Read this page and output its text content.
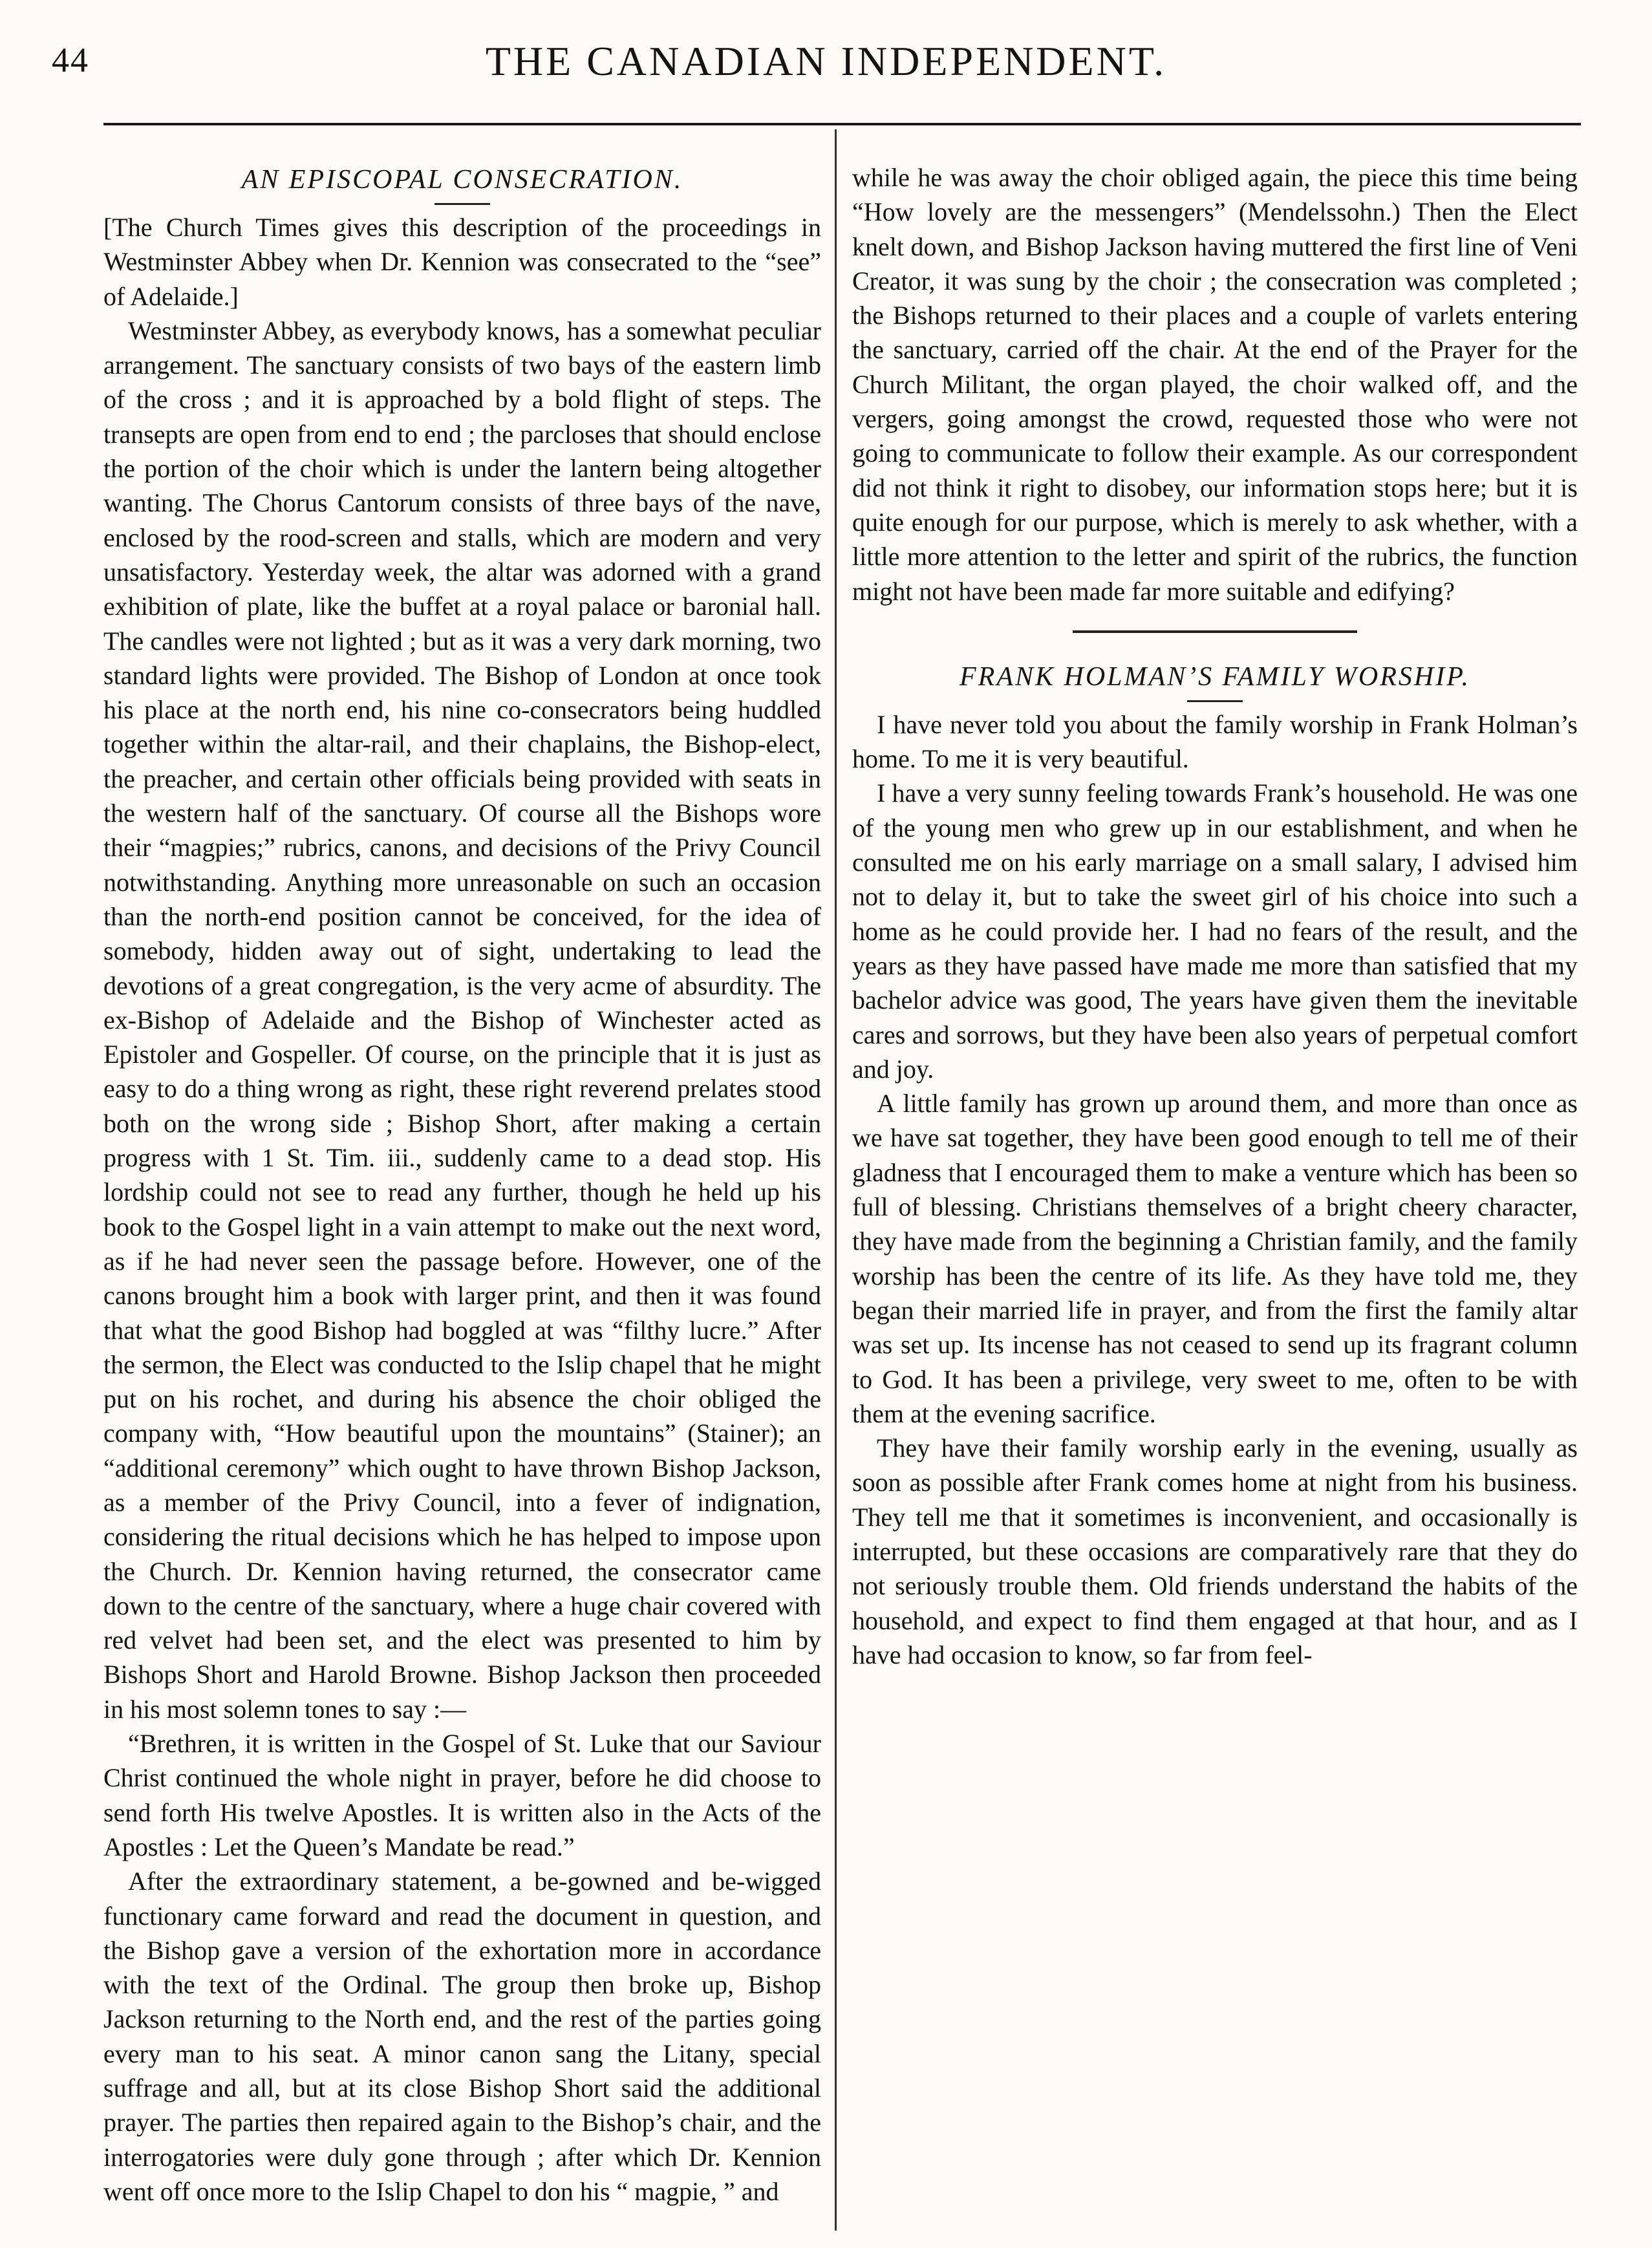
44	THE CANADIAN INDEPENDENT.
AN EPISCOPAL CONSECRATION.

[The Church Times gives this description of the proceedings in Westminster Abbey when Dr. Kennion was consecrated to the “see” of Adelaide.]

Westminster Abbey, as everybody knows, has a somewhat peculiar arrangement. The sanctuary consists of two bays of the eastern limb of the cross ; and it is approached by a bold flight of steps. The transepts are open from end to end ; the parcloses that should enclose the portion of the choir which is under the lantern being altogether wanting. The Chorus Cantorum consists of three bays of the nave, enclosed by the rood-screen and stalls, which are modern and very unsatisfactory. Yesterday week, the altar was adorned with a grand exhibition of plate, like the buffet at a royal palace or baronial hall. The candles were not lighted ; but as it was a very dark morning, two standard lights were provided. The Bishop of London at once took his place at the north end, his nine co-consecrators being huddled together within the altar-rail, and their chaplains, the Bishop-elect, the preacher, and certain other officials being provided with seats in the western half of the sanctuary. Of course all the Bishops wore their “magpies;” rubrics, canons, and decisions of the Privy Council notwithstanding. Anything more unreasonable on such an occasion than the north-end position cannot be conceived, for the idea of somebody, hidden away out of sight, undertaking to lead the devotions of a great congregation, is the very acme of absurdity. The ex-Bishop of Adelaide and the Bishop of Winchester acted as Epistoler and Gospeller. Of course, on the principle that it is just as easy to do a thing wrong as right, these right reverend prelates stood both on the wrong side ; Bishop Short, after making a certain progress with 1 St. Tim. iii., suddenly came to a dead stop. His lordship could not see to read any further, though he held up his book to the Gospel light in a vain attempt to make out the next word, as if he had never seen the passage before. However, one of the canons brought him a book with larger print, and then it was found that what the good Bishop had boggled at was “filthy lucre.” After the sermon, the Elect was conducted to the Islip chapel that he might put on his rochet, and during his absence the choir obliged the company with, “How beautiful upon the mountains” (Stainer); an “additional ceremony” which ought to have thrown Bishop Jackson, as a member of the Privy Council, into a fever of indignation, considering the ritual decisions which he has helped to impose upon the Church. Dr. Kennion having returned, the consecrator came down to the centre of the sanctuary, where a huge chair covered with red velvet had been set, and the elect was presented to him by Bishops Short and Harold Browne. Bishop Jackson then proceeded in his most solemn tones to say :—

“Brethren, it is written in the Gospel of St. Luke that our Saviour Christ continued the whole night in prayer, before he did choose to send forth His twelve Apostles. It is written also in the Acts of the Apostles : Let the Queen’s Mandate be read.”

After the extraordinary statement, a be-gowned and be-wigged functionary came forward and read the document in question, and the Bishop gave a version of the exhortation more in accordance with the text of the Ordinal. The group then broke up, Bishop Jackson returning to the North end, and the rest of the parties going every man to his seat. A minor canon sang the Litany, special suffrage and all, but at its close Bishop Short said the additional prayer. The parties then repaired again to the Bishop’s chair, and the interrogatories were duly gone through ; after which Dr. Kennion went off once more to the Islip Chapel to don his “ magpie, ” and

while he was away the choir obliged again, the piece this time being “How lovely are the messengers” (Mendelssohn.) Then the Elect knelt down, and Bishop Jackson having muttered the first line of Veni Creator, it was sung by the choir ; the consecration was completed ; the Bishops returned to their places and a couple of varlets entering the sanctuary, carried off the chair. At the end of the Prayer for the Church Militant, the organ played, the choir walked off, and the vergers, going amongst the crowd, requested those who were not going to communicate to follow their example. As our correspondent did not think it right to disobey, our information stops here; but it is quite enough for our purpose, which is merely to ask whether, with a little more attention to the letter and spirit of the rubrics, the function might not have been made far more suitable and edifying?

FRANK HOLMAN’S FAMILY WORSHIP.

I have never told you about the family worship in Frank Holman’s home. To me it is very beautiful.

I have a very sunny feeling towards Frank’s household. He was one of the young men who grew up in our establishment, and when he consulted me on his early marriage on a small salary, I advised him not to delay it, but to take the sweet girl of his choice into such a home as he could provide her. I had no fears of the result, and the years as they have passed have made me more than satisfied that my bachelor advice was good, The years have given them the inevitable cares and sorrows, but they have been also years of perpetual comfort and joy.

A little family has grown up around them, and more than once as we have sat together, they have been good enough to tell me of their gladness that I encouraged them to make a venture which has been so full of blessing. Christians themselves of a bright cheery character, they have made from the beginning a Christian family, and the family worship has been the centre of its life. As they have told me, they began their married life in prayer, and from the first the family altar was set up. Its incense has not ceased to send up its fragrant column to God. It has been a privilege, very sweet to me, often to be with them at the evening sacrifice.

They have their family worship early in the evening, usually as soon as possible after Frank comes home at night from his business. They tell me that it sometimes is inconvenient, and occasionally is interrupted, but these occasions are comparatively rare that they do not seriously trouble them. Old friends understand the habits of the household, and expect to find them engaged at that hour, and as I have had occasion to know, so far from feel-
